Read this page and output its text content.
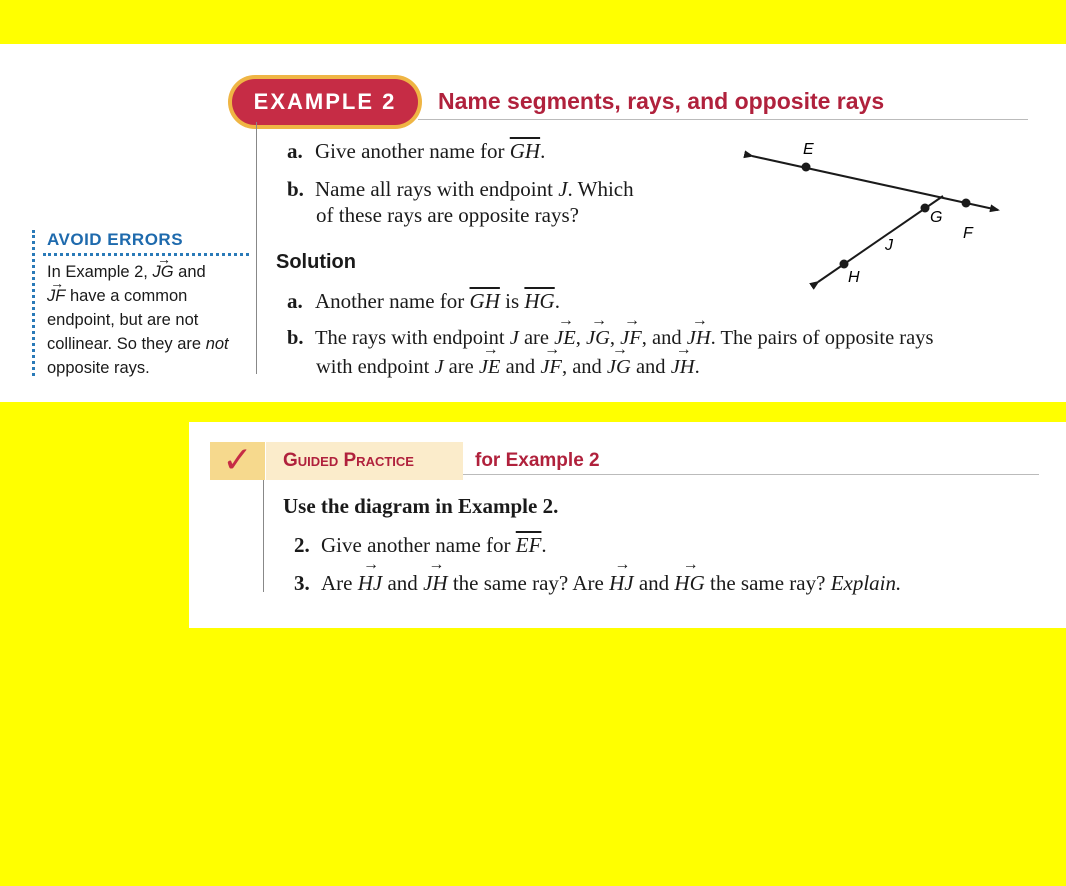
EXAMPLE 2	Name segments, rays, and opposite rays
a. Give another name for $\overline{GH}$.
b. Name all rays with endpoint J. Which
of these rays are opposite rays?
AVOID ERRORS
In Example 2, → JG and
→ JF have a common endpoint, but are not collinear. So they are not opposite rays.
E
G
F
J
H
Solution
a. Another name for $\overline{GH}$ is $\overline{HG}$.
b. The rays with endpoint J are → JE, → JG, → JF, and → JH. The pairs of opposite rays
with endpoint J are → JE and → JF, and → JG and → JH.
✓	Guided Practice	for Example 2
Use the diagram in Example 2.
2. Give another name for $\overline{EF}$.
3. Are → HJ and → JH the same ray? Are → HJ and → HG the same ray? Explain.
